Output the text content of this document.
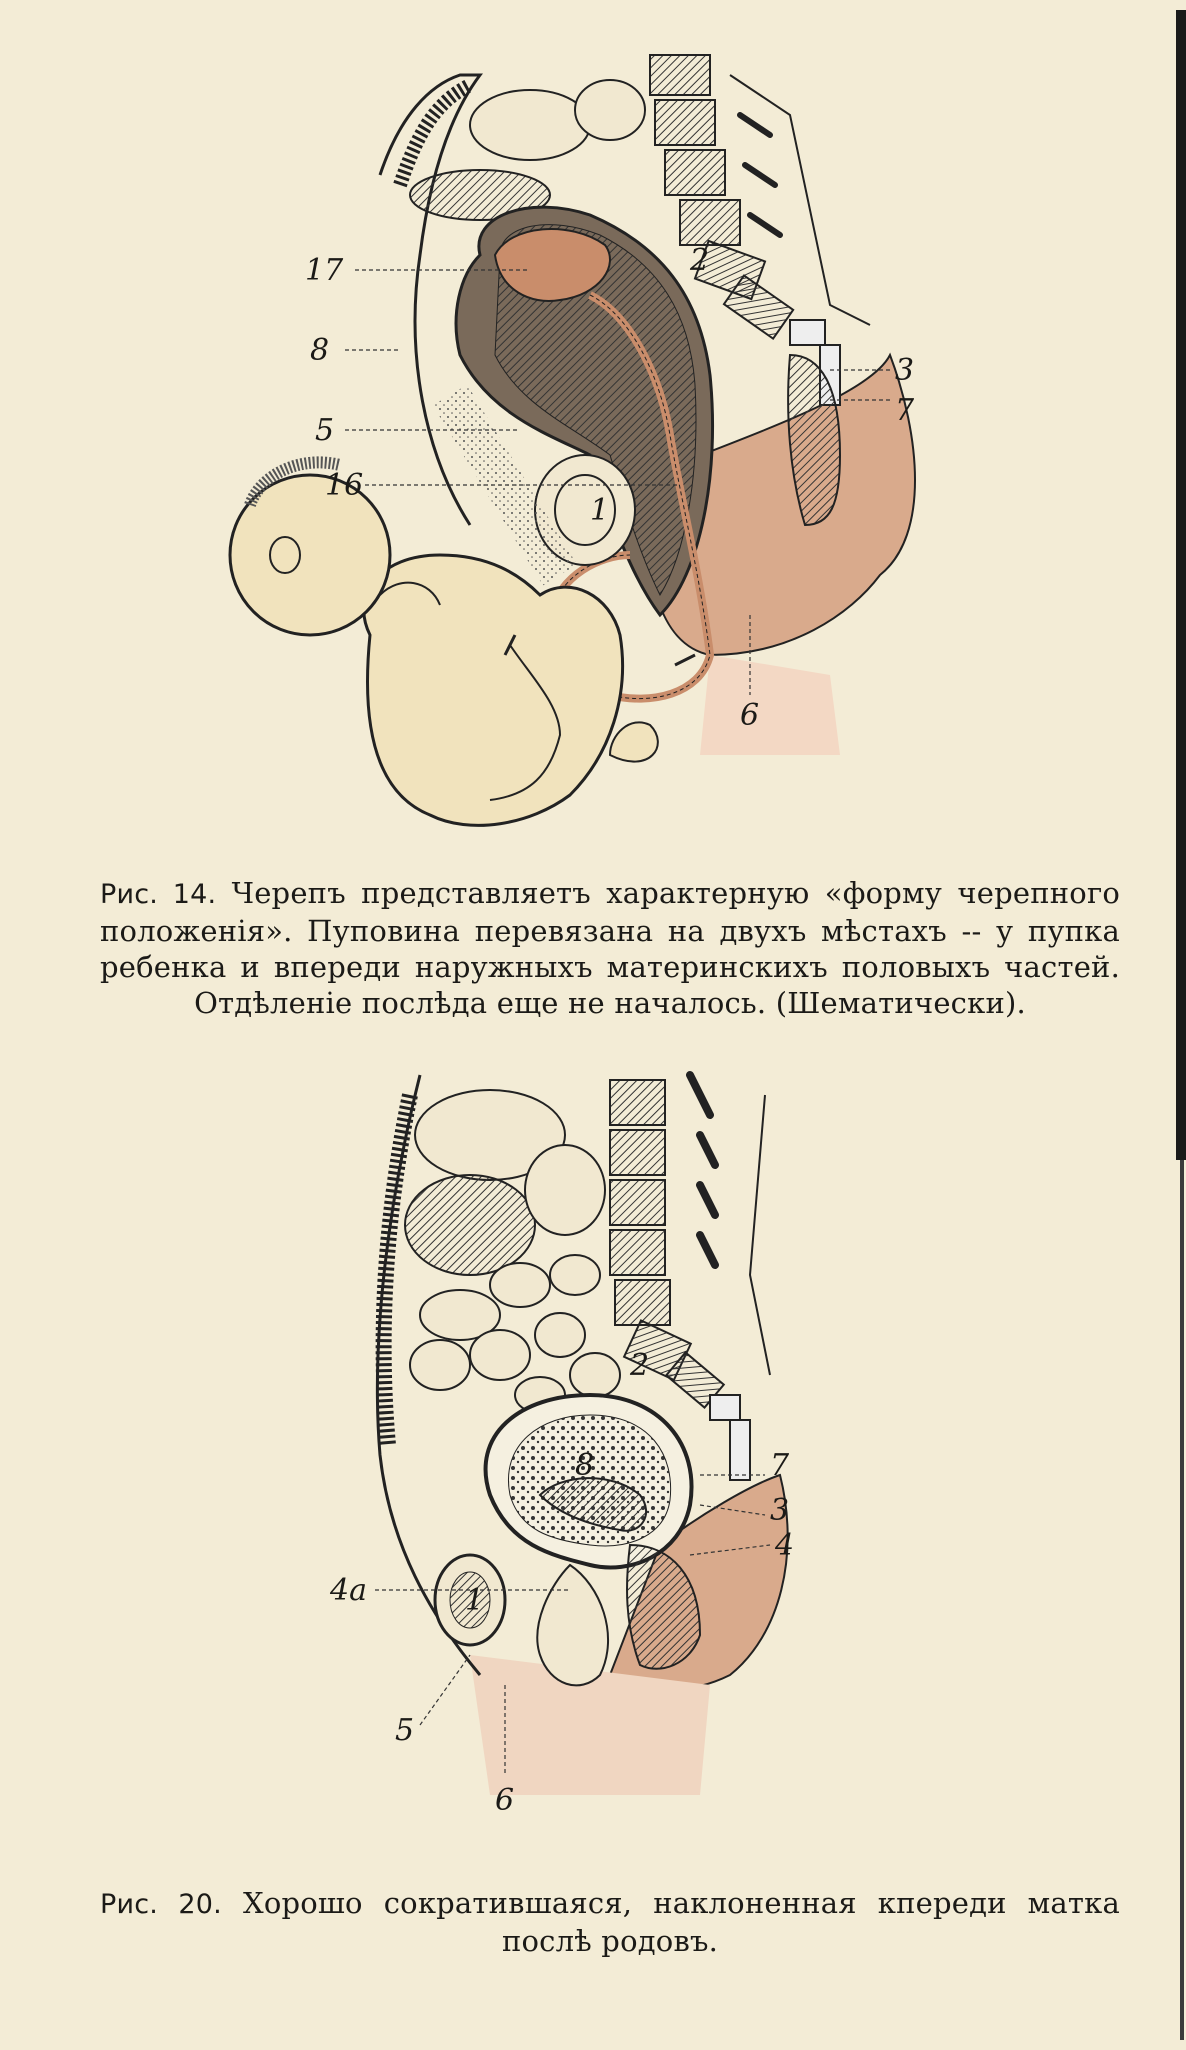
17
8
5
16
1
2
3
7
6
Рис. 14. Черепъ представляетъ характерную «форму черепного
положенія». Пуповина перевязана на двухъ мѣстахъ -- у пупка
ребенка и впереди наружныхъ материнскихъ половыхъ частей.
Отдѣленіе послѣда еще не началось. (Шематически).
2
8	7
3
4
4a	1
5
6
Рис. 20. Хорошо сократившаяся, наклоненная кпереди матка
послѣ родовъ.
